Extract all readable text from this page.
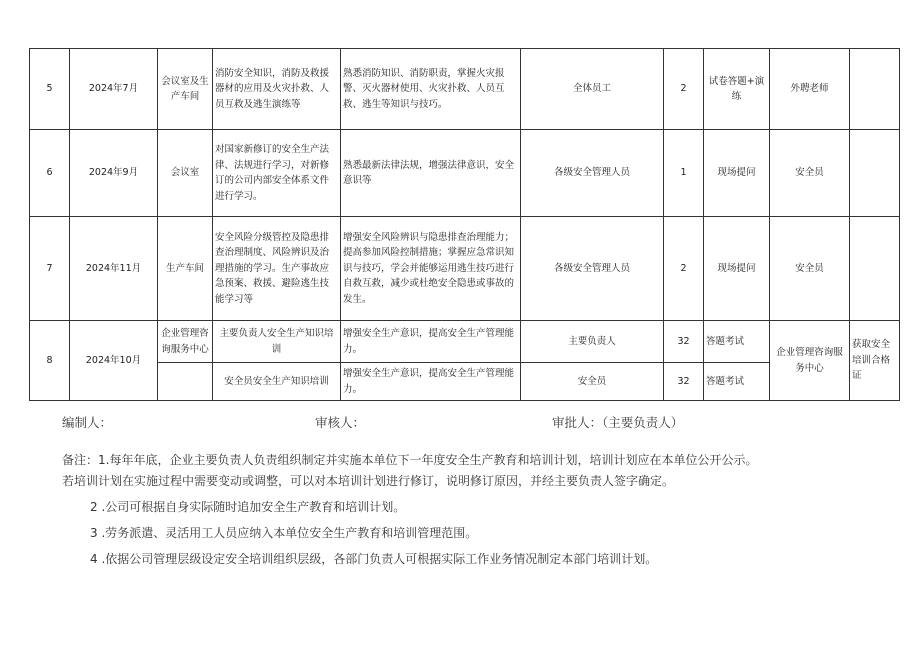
5	2024年7月	会议室及生产车间	消防安全知识，消防及救援器材的应用及火灾扑救、人员互救及逃生演练等	熟悉消防知识、消防职责，掌握火灾报警、灭火器材使用、火灾扑救、人员互救、逃生等知识与技巧。	全体员工	2	试卷答题+演练	外聘老师	
6	2024年9月	会议室	对国家新修订的安全生产法律、法规进行学习，对新修订的公司内部安全体系文件进行学习。	熟悉最新法律法规，增强法律意识，安全意识等	各级安全管理人员	1	现场提问	安全员	
7	2024年11月	生产车间	安全风险分级管控及隐患排查治理制度、风险辨识及治理措施的学习。生产事故应急预案、救援、避险逃生技能学习等	增强安全风险辨识与隐患排查治理能力；提高参加风险控制措施；掌握应急常识知识与技巧，学会并能够运用逃生技巧进行自救互救，减少或杜绝安全隐患或事故的发生。	各级安全管理人员	2	现场提问	安全员	
8	2024年10月	企业管理咨询服务中心	主要负责人安全生产知识培训	增强安全生产意识，提高安全生产管理能力。	主要负责人	32	答题考试	企业管理咨询服务中心	获取安全培训合格证
			安全员安全生产知识培训	增强安全生产意识，提高安全生产管理能力。	安全员	32	答题考试		
编制人：	审核人：	审批人：（主要负责人）
备注：1.每年年底，企业主要负责人负责组织制定并实施本单位下一年度安全生产教育和培训计划，培训计划应在本单位公开公示。
若培训计划在实施过程中需要变动或调整，可以对本培训计划进行修订，说明修订原因，并经主要负责人签字确定。
2 .公司可根据自身实际随时追加安全生产教育和培训计划。
3 .劳务派遣、灵活用工人员应纳入本单位安全生产教育和培训管理范围。
4 .依据公司管理层级设定安全培训组织层级，各部门负责人可根据实际工作业务情况制定本部门培训计划。
